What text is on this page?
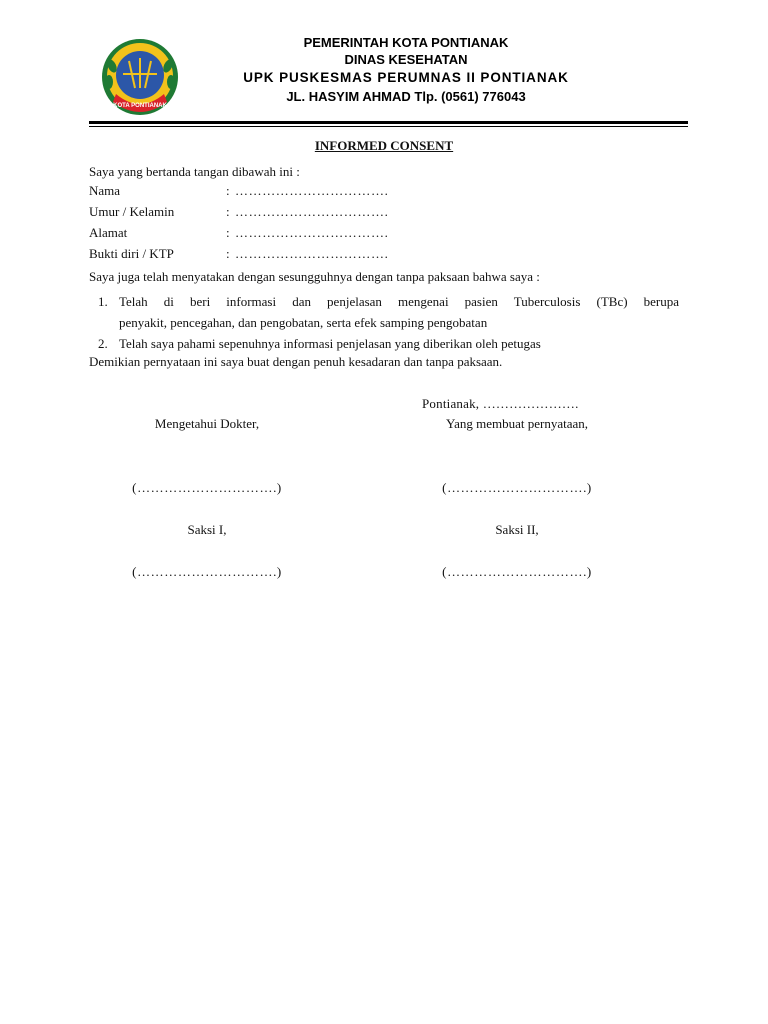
KOTA PONTIANAK
PEMERINTAH KOTA PONTIANAK
DINAS KESEHATAN
UPK PUSKESMAS PERUMNAS II PONTIANAK
JL. HASYIM AHMAD Tlp. (0561) 776043
INFORMED CONSENT
Saya yang bertanda tangan dibawah ini :
Nama	: …………………………….
Umur / Kelamin	: …………………………….
Alamat	: …………………………….
Bukti diri / KTP	: …………………………….
Saya juga telah menyatakan dengan sesungguhnya dengan tanpa paksaan bahwa saya :
1. Telah di beri informasi dan penjelasan mengenai pasien Tuberculosis (TBc) berupa
penyakit, pencegahan, dan pengobatan, serta efek samping pengobatan
2. Telah saya pahami sepenuhnya informasi penjelasan yang diberikan oleh petugas
Demikian pernyataan ini saya buat dengan penuh kesadaran dan tanpa paksaan.
Pontianak, ………………….
Mengetahui Dokter,	Yang membuat pernyataan,
(………………………….)	(………………………….)
Saksi I,	Saksi II,
(………………………….)	(………………………….)
